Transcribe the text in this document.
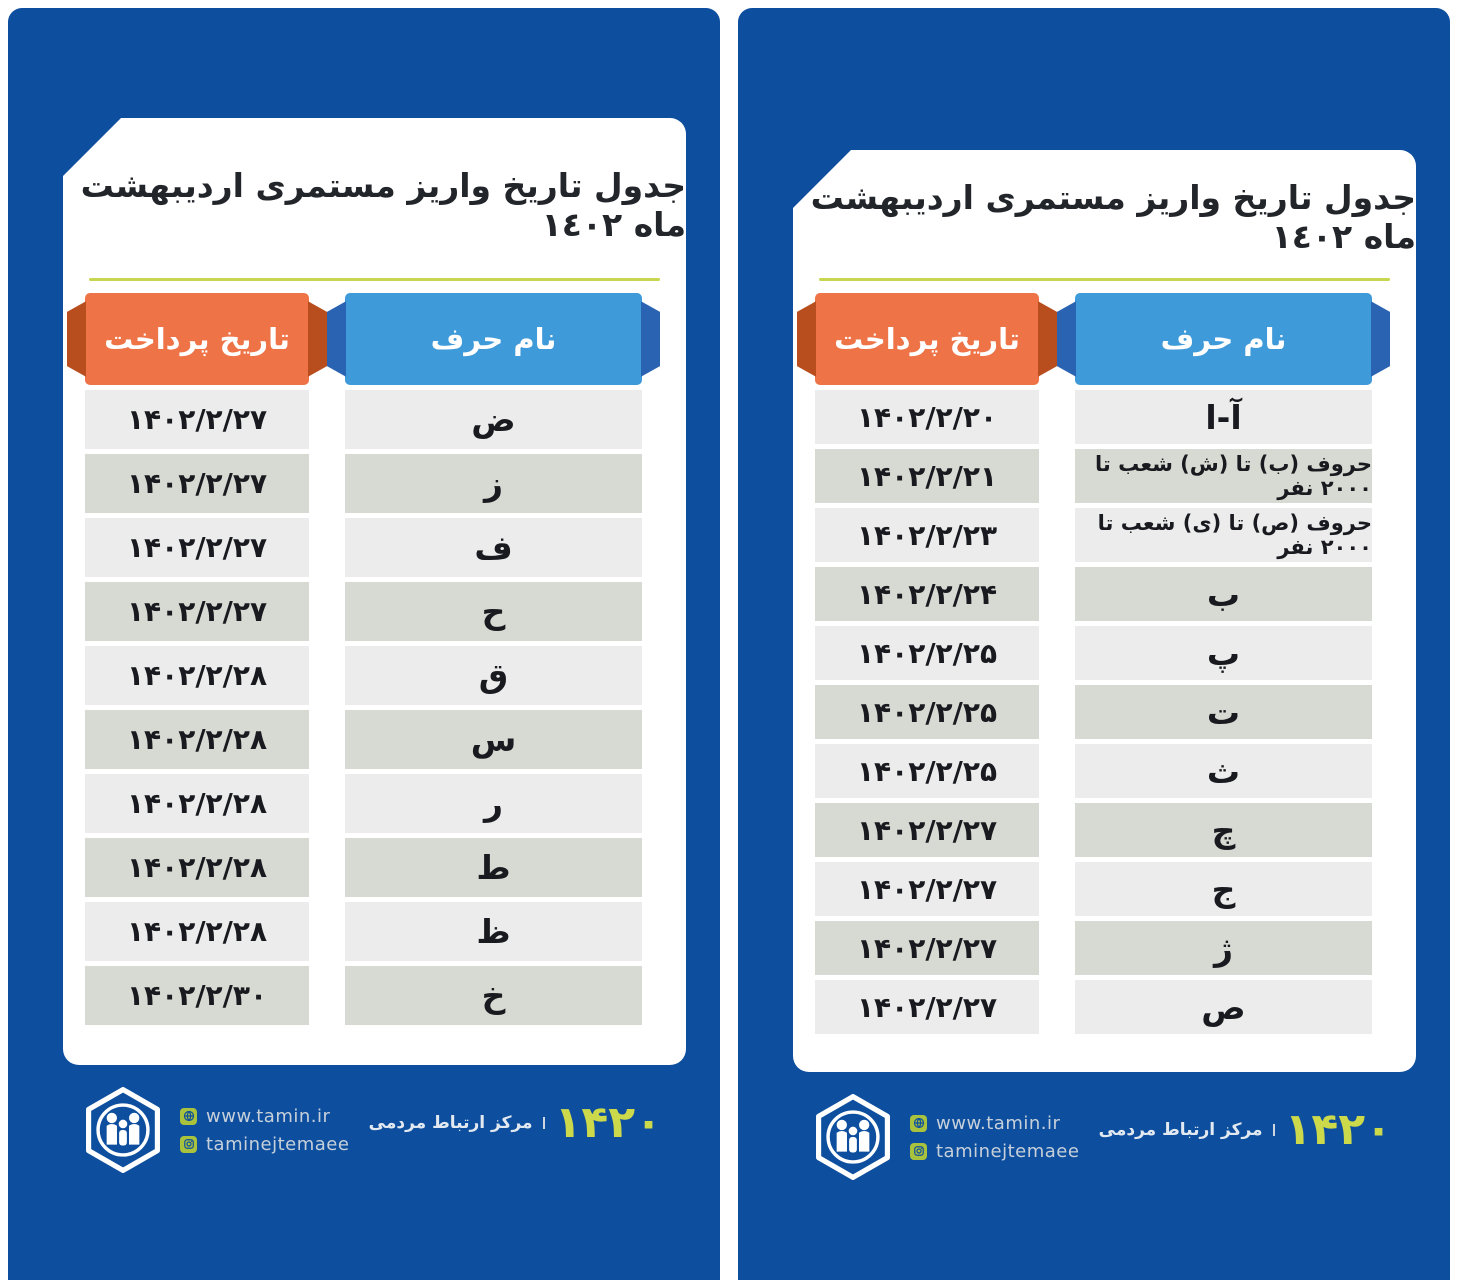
جدول تاریخ واریز مستمری اردیبهشت ماه ١٤٠٢
تاریخ پرداخت	نام حرف
۱۴۰۲/۲/۲۷	ض
۱۴۰۲/۲/۲۷	ز
۱۴۰۲/۲/۲۷	ف
۱۴۰۲/۲/۲۷	ح
۱۴۰۲/۲/۲۸	ق
۱۴۰۲/۲/۲۸	س
۱۴۰۲/۲/۲۸	ر
۱۴۰۲/۲/۲۸	ط
۱۴۰۲/۲/۲۸	ظ
۱۴۰۲/۲/۳۰	خ
www.tamin.ir
taminejtemaee	۱۴۲۰
مرکز ارتباط مردمی
جدول تاریخ واریز مستمری اردیبهشت ماه ١٤٠٢
تاریخ پرداخت	نام حرف
۱۴۰۲/۲/۲۰	آ-ا
۱۴۰۲/۲/۲۱	حروف (ب) تا (ش) شعب تا ۲۰۰۰ نفر
۱۴۰۲/۲/۲۳	حروف (ص) تا (ی) شعب تا ۲۰۰۰ نفر
۱۴۰۲/۲/۲۴	ب
۱۴۰۲/۲/۲۵	پ
۱۴۰۲/۲/۲۵	ت
۱۴۰۲/۲/۲۵	ث
۱۴۰۲/۲/۲۷	چ
۱۴۰۲/۲/۲۷	ج
۱۴۰۲/۲/۲۷	ژ
۱۴۰۲/۲/۲۷	ص
www.tamin.ir
taminejtemaee	۱۴۲۰
مرکز ارتباط مردمی
